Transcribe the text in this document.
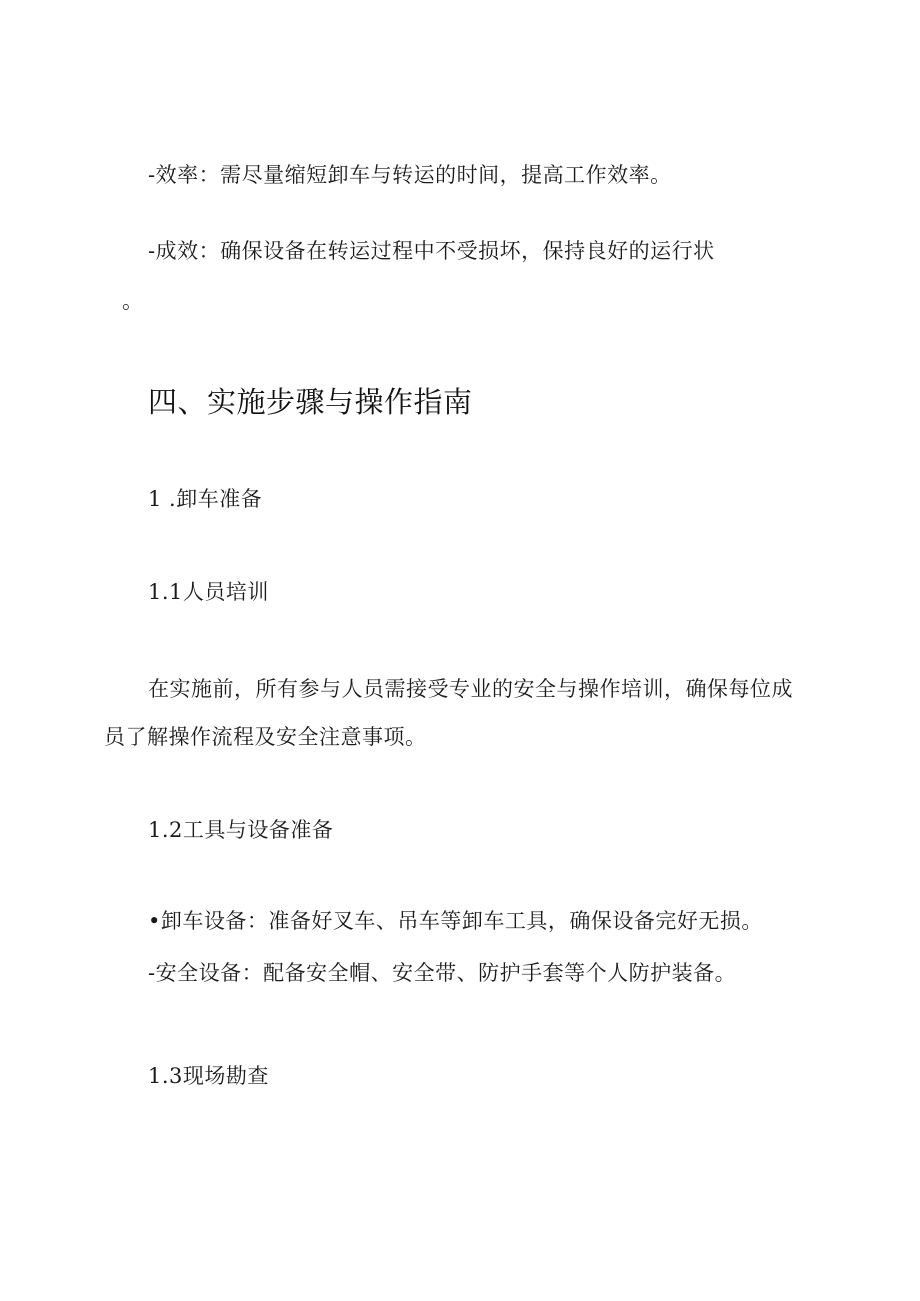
-效率：需尽量缩短卸车与转运的时间，提高工作效率。
-成效：确保设备在转运过程中不受损坏，保持良好的运行状
。
四、实施步骤与操作指南
1 .卸车准备
1.1人员培训
在实施前，所有参与人员需接受专业的安全与操作培训，确保每位成
员了解操作流程及安全注意事项。
1.2工具与设备准备
•卸车设备：准备好叉车、吊车等卸车工具，确保设备完好无损。
-安全设备：配备安全帽、安全带、防护手套等个人防护装备。
1.3现场勘查
